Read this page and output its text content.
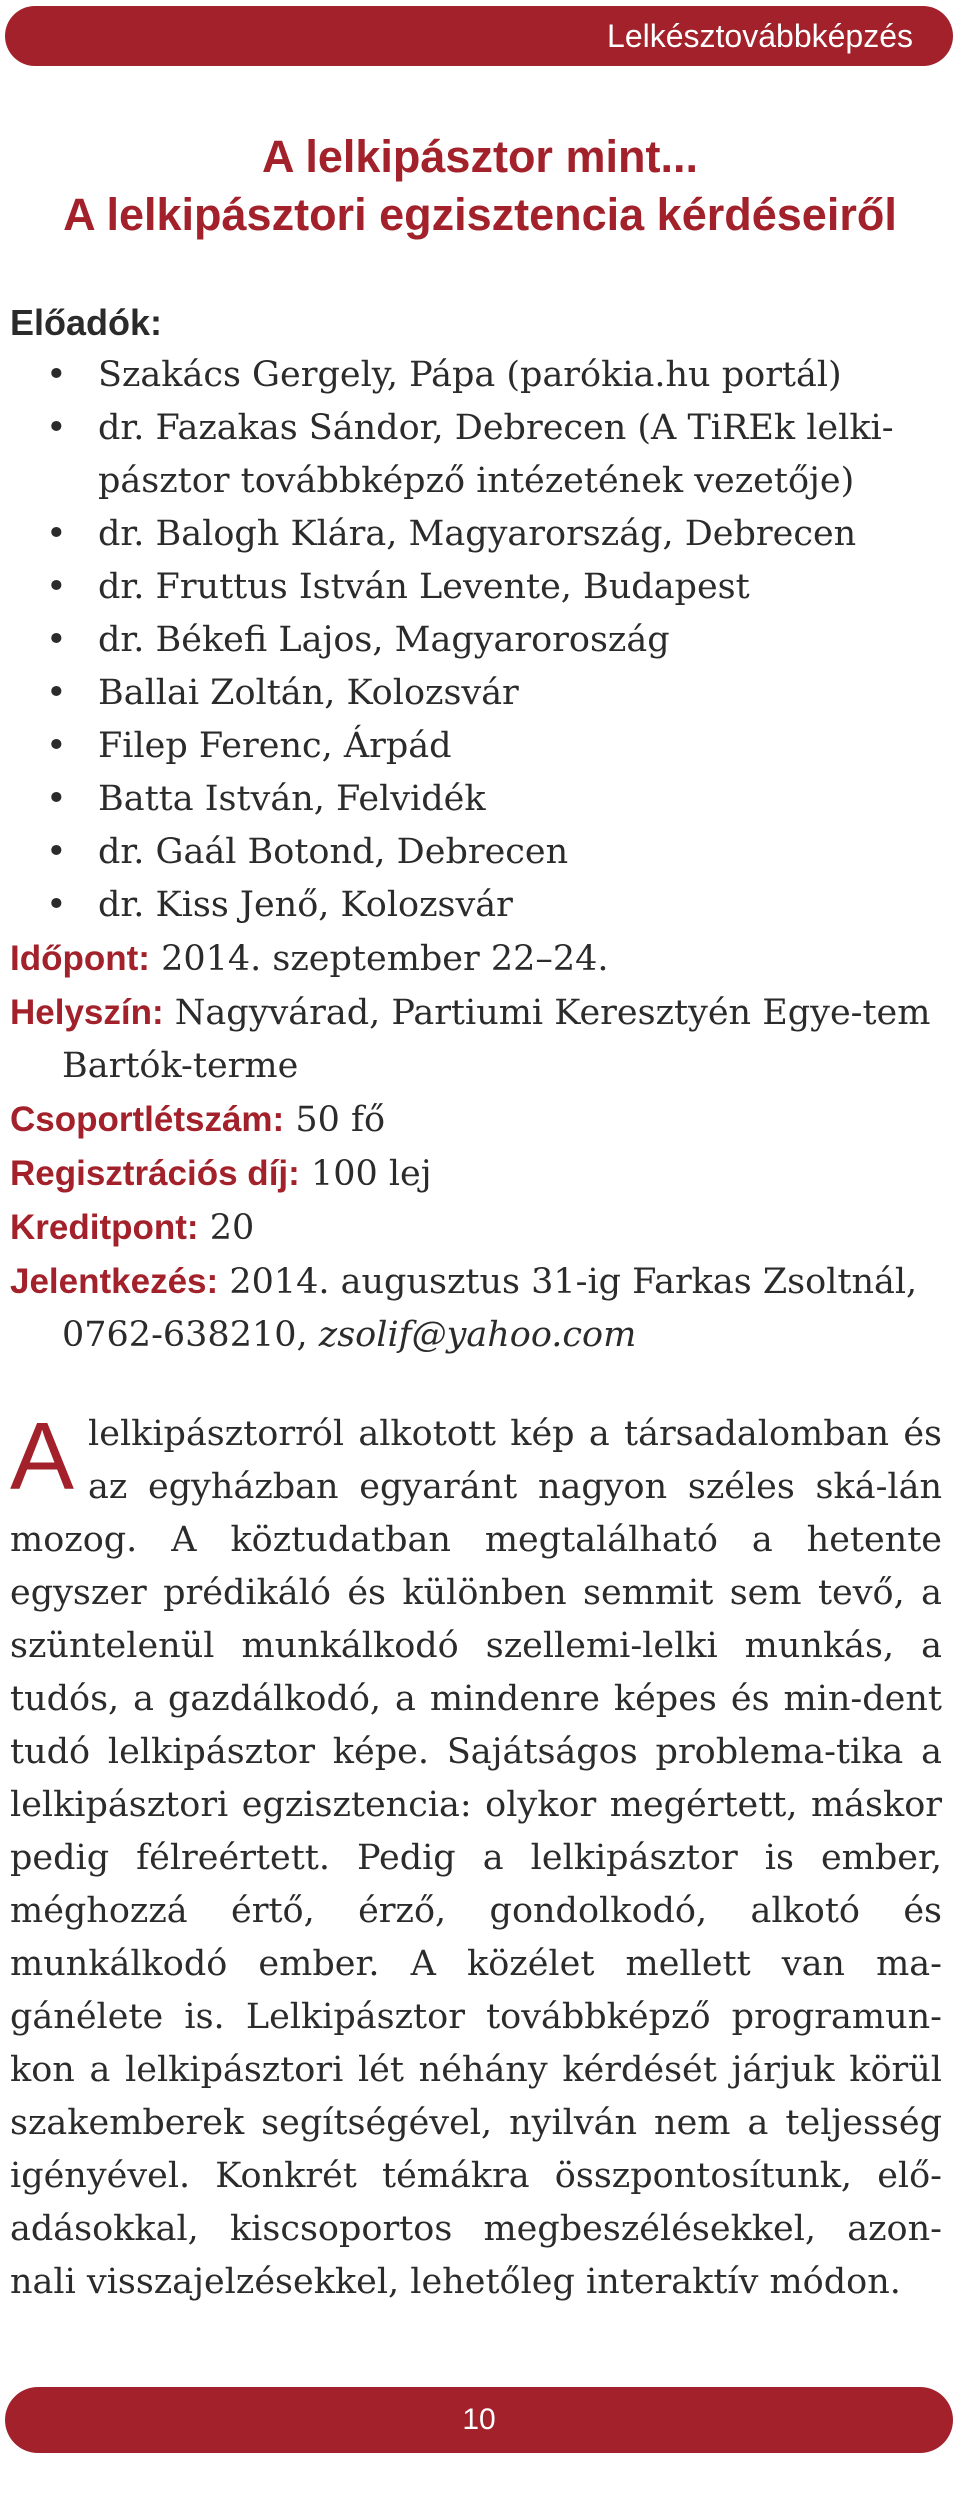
Lelkésztovábbképzés
A lelkipásztor mint...
A lelkipásztori egzisztencia kérdéseiről
Előadók:
• Szakács Gergely, Pápa (parókia.hu portál)
• dr. Fazakas Sándor, Debrecen (A TiREk lelki-
pásztor továbbképző intézetének vezetője)
• dr. Balogh Klára, Magyarország, Debrecen
• dr. Fruttus István Levente, Budapest
• dr. Békefi Lajos, Magyaroroszág
• Ballai Zoltán, Kolozsvár
• Filep Ferenc, Árpád
• Batta István, Felvidék
• dr. Gaál Botond, Debrecen
• dr. Kiss Jenő, Kolozsvár
Időpont: 2014. szeptember 22–24.
Helyszín: Nagyvárad, Partiumi Keresztyén Egye-tem Bartók-terme
Csoportlétszám: 50 fő
Regisztrációs díj: 100 lej
Kreditpont: 20
Jelentkezés: 2014. augusztus 31-ig Farkas Zsoltnál, 0762-638210, zsolif@yahoo.com
Alelkipásztorról alkotott kép a társadalomban és az egyházban egyaránt nagyon széles ská-lán mozog. A köztudatban megtalálható a hetente egyszer prédikáló és különben semmit sem tevő, a szüntelenül munkálkodó szellemi-lelki munkás, a tudós, a gazdálkodó, a mindenre képes és min-dent tudó lelkipásztor képe. Sajátságos problema-tika a lelkipásztori egzisztencia: olykor megértett, máskor pedig félreértett. Pedig a lelkipásztor is ember, méghozzá értő, érző, gondolkodó, alkotó és munkálkodó ember. A közélet mellett van ma-gánélete is. Lelkipásztor továbbképző programun-kon a lelkipásztori lét néhány kérdését járjuk körül szakemberek segítségével, nyilván nem a teljesség igényével. Konkrét témákra összpontosítunk, elő-adásokkal, kiscsoportos megbeszélésekkel, azon-nali visszajelzésekkel, lehetőleg interaktív módon.
10
